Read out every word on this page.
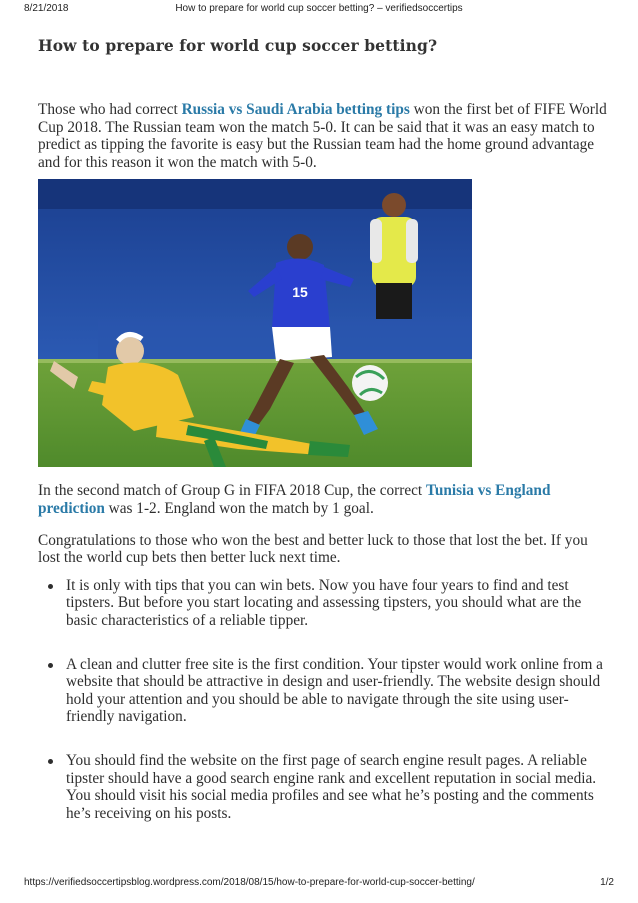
8/21/2018	How to prepare for world cup soccer betting? – verifiedsoccertips
How to prepare for world cup soccer betting?

Those who had correct Russia vs Saudi Arabia betting tips won the first bet of FIFE World Cup 2018. The Russian team won the match 5-0. It can be said that it was an easy match to predict as tipping the favorite is easy but the Russian team had the home ground advantage and for this reason it won the match with 5-0.

15

In the second match of Group G in FIFA 2018 Cup, the correct Tunisia vs England prediction was 1-2. England won the match by 1 goal.

Congratulations to those who won the best and better luck to those that lost the bet. If you lost the world cup bets then better luck next time.

It is only with tips that you can win bets. Now you have four years to find and test tipsters. But before you start locating and assessing tipsters, you should what are the basic characteristics of a reliable tipper.
A clean and clutter free site is the first condition. Your tipster would work online from a website that should be attractive in design and user-friendly. The website design should hold your attention and you should be able to navigate through the site using user-friendly navigation.
You should find the website on the first page of search engine result pages. A reliable tipster should have a good search engine rank and excellent reputation in social media. You should visit his social media profiles and see what he’s posting and the comments he’s receiving on his posts.
https://verifiedsoccertipsblog.wordpress.com/2018/08/15/how-to-prepare-for-world-cup-soccer-betting/	1/2
